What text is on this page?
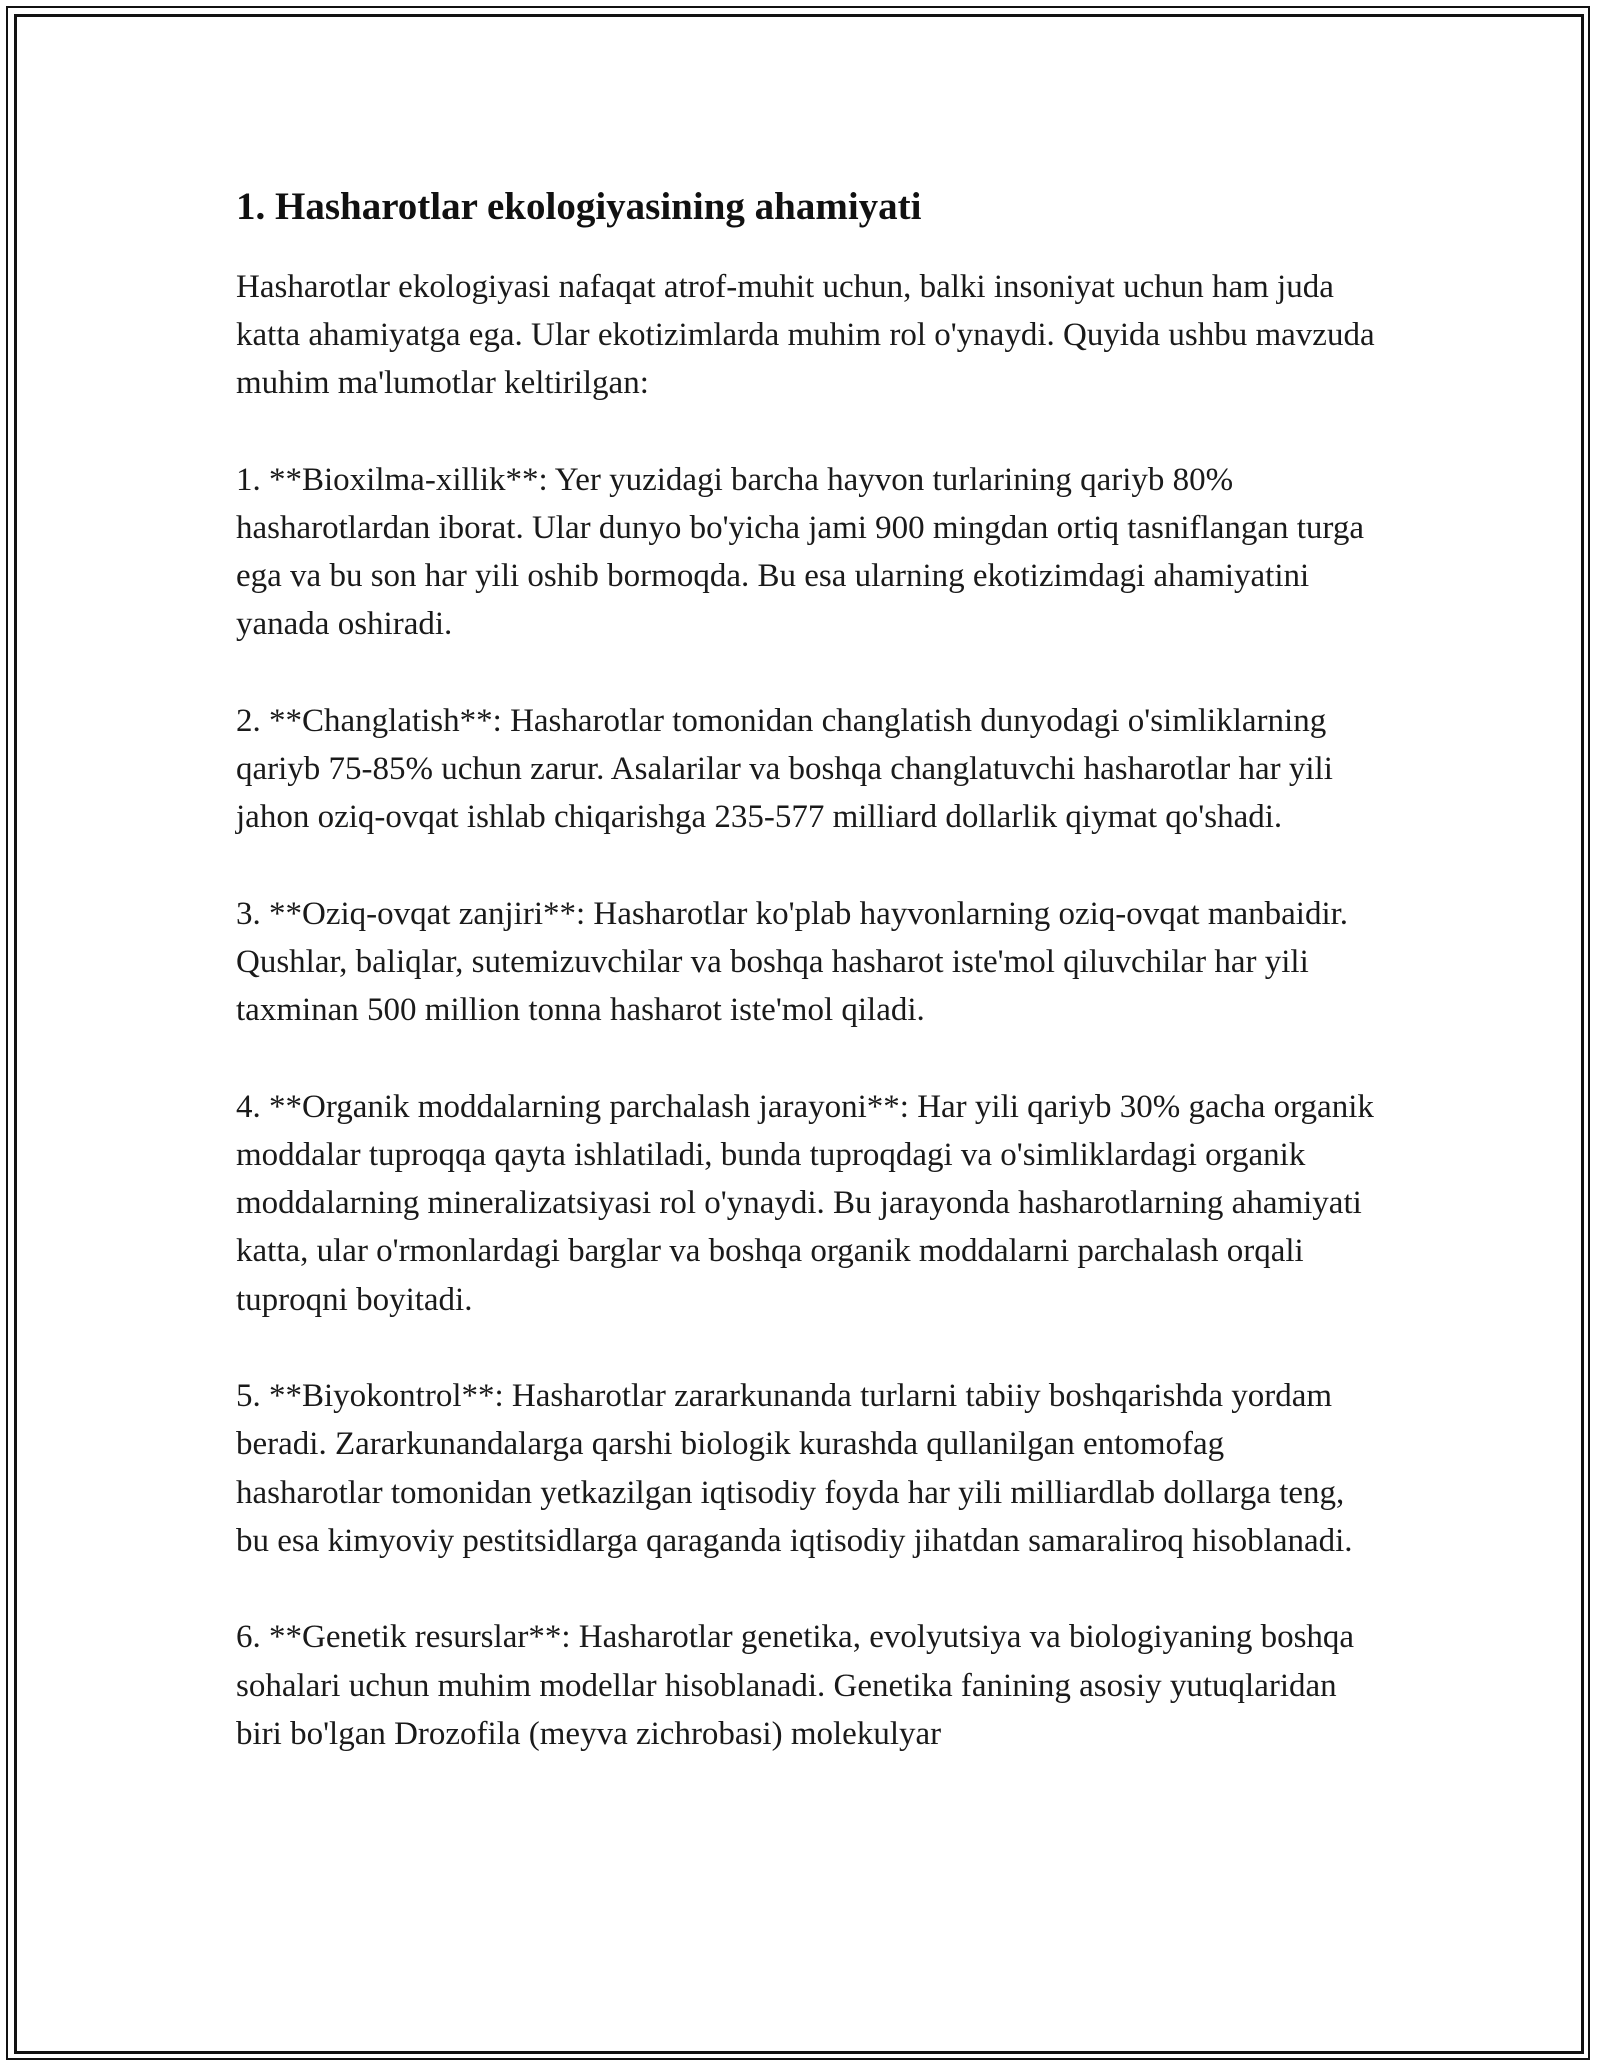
1. Hasharotlar ekologiyasining ahamiyati

Hasharotlar ekologiyasi nafaqat atrof-muhit uchun, balki insoniyat uchun ham juda katta ahamiyatga ega. Ular ekotizimlarda muhim rol o'ynaydi. Quyida ushbu mavzuda muhim ma'lumotlar keltirilgan:

1. **Bioxilma-xillik**: Yer yuzidagi barcha hayvon turlarining qariyb 80% hasharotlardan iborat. Ular dunyo bo'yicha jami 900 mingdan ortiq tasniflangan turga ega va bu son har yili oshib bormoqda. Bu esa ularning ekotizimdagi ahamiyatini yanada oshiradi.

2. **Changlatish**: Hasharotlar tomonidan changlatish dunyodagi o'simliklarning qariyb 75-85% uchun zarur. Asalarilar va boshqa changlatuvchi hasharotlar har yili jahon oziq-ovqat ishlab chiqarishga 235-577 milliard dollarlik qiymat qo'shadi.

3. **Oziq-ovqat zanjiri**: Hasharotlar ko'plab hayvonlarning oziq-ovqat manbaidir. Qushlar, baliqlar, sutemizuvchilar va boshqa hasharot iste'mol qiluvchilar har yili taxminan 500 million tonna hasharot iste'mol qiladi.

4. **Organik moddalarning parchalash jarayoni**: Har yili qariyb 30% gacha organik moddalar tuproqqa qayta ishlatiladi, bunda tuproqdagi va o'simliklardagi organik moddalarning mineralizatsiyasi rol o'ynaydi. Bu jarayonda hasharotlarning ahamiyati katta, ular o'rmonlardagi barglar va boshqa organik moddalarni parchalash orqali tuproqni boyitadi.

5. **Biyokontrol**: Hasharotlar zararkunanda turlarni tabiiy boshqarishda yordam beradi. Zararkunandalarga qarshi biologik kurashda qullanilgan entomofag hasharotlar tomonidan yetkazilgan iqtisodiy foyda har yili milliardlab dollarga teng, bu esa kimyoviy pestitsidlarga qaraganda iqtisodiy jihatdan samaraliroq hisoblanadi.

6. **Genetik resurslar**: Hasharotlar genetika, evolyutsiya va biologiyaning boshqa sohalari uchun muhim modellar hisoblanadi. Genetika fanining asosiy yutuqlaridan biri bo'lgan Drozofila (meyva zichrobasi) molekulyar
